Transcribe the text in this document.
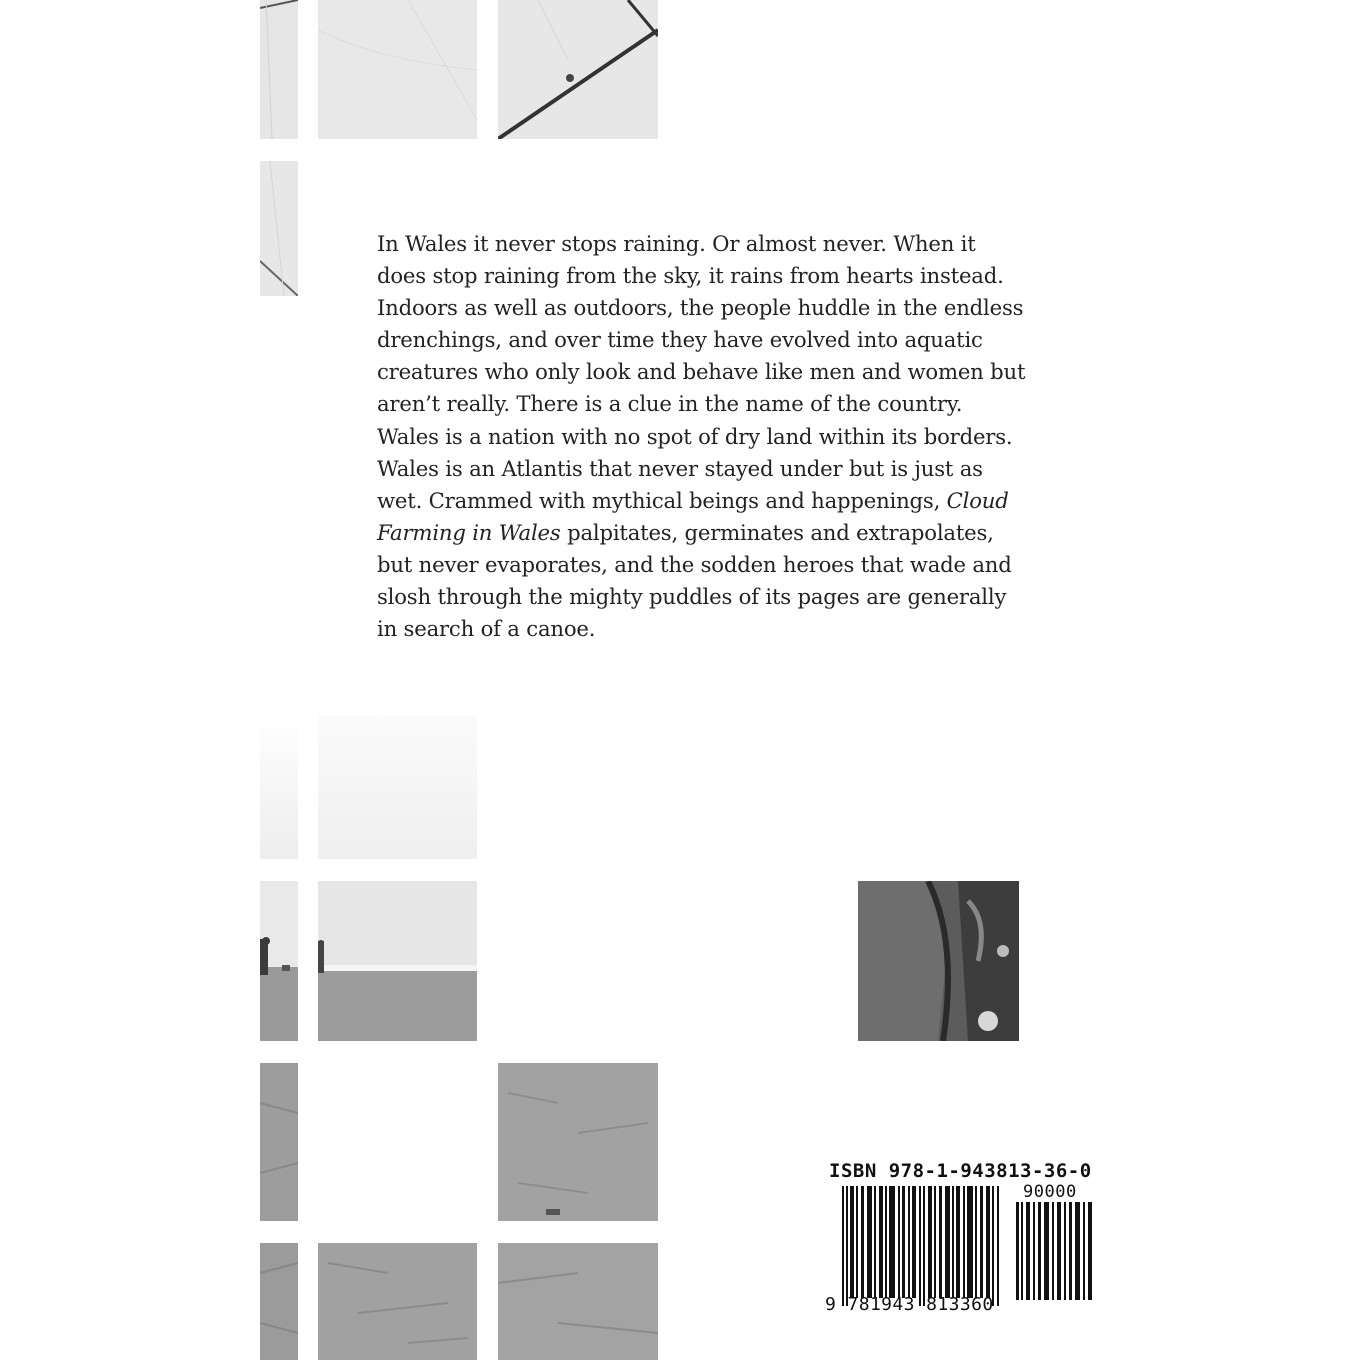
In Wales it never stops raining. Or almost never. When it does stop raining from the sky, it rains from hearts instead. Indoors as well as outdoors, the people huddle in the endless drenchings, and over time they have evolved into aquatic creatures who only look and behave like men and women but aren’t really. There is a clue in the name of the country. Wales is a nation with no spot of dry land within its borders. Wales is an Atlantis that never stayed under but is just as wet. Crammed with mythical beings and happenings, Cloud Farming in Wales palpitates, germinates and extrapolates, but never evaporates, and the sodden heroes that wade and slosh through the mighty puddles of its pages are generally in search of a canoe.

ISBN 978-1-943813-36-0
90000
9 781943 813360
